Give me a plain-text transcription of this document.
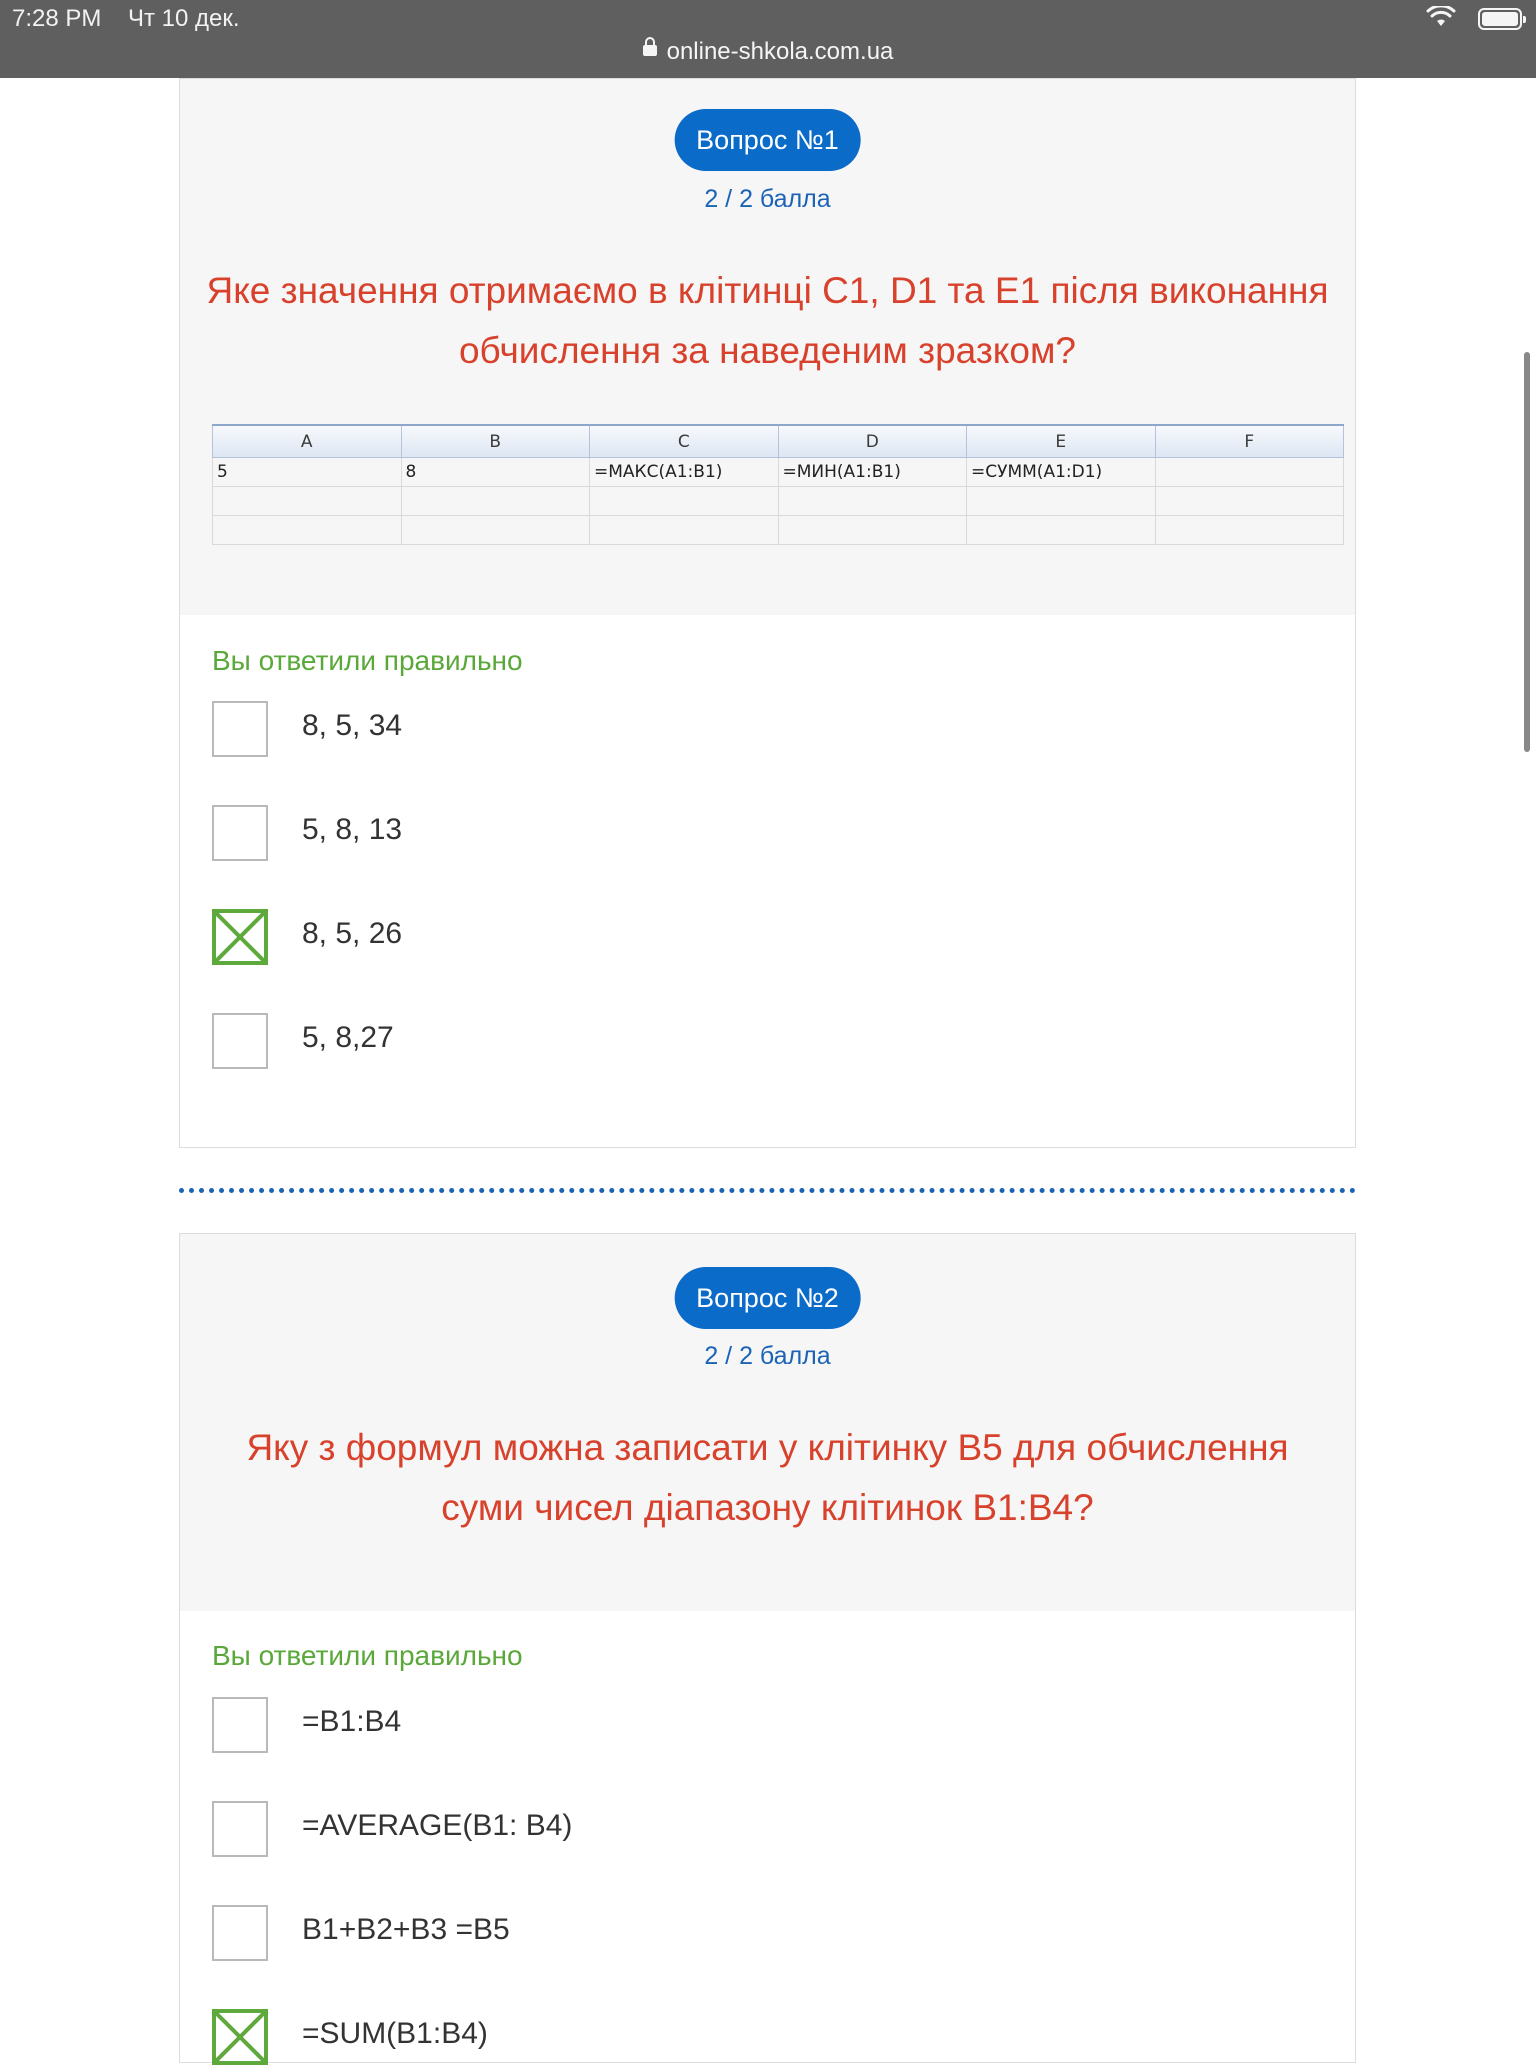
7:28 PM Чт 10 дек.
online-shkola.com.ua
Вопрос №1
2 / 2 балла
Яке значення отримаємо в клітинці C1, D1 та E1 після виконання обчислення за наведеним зразком?
A	B	C	D	E	F
5	8	=МАКС(A1:B1)	=МИН(A1:B1)	=СУММ(A1:D1)	

Вы ответили правильно
8, 5, 34
5, 8, 13
8, 5, 26
5, 8,27
Вопрос №2
2 / 2 балла
Яку з формул можна записати у клітинку B5 для обчислення суми чисел діапазону клітинок B1:B4?
Вы ответили правильно
=B1:B4
=AVERAGE(B1: B4)
B1+B2+B3 =B5
=SUM(B1:B4)
